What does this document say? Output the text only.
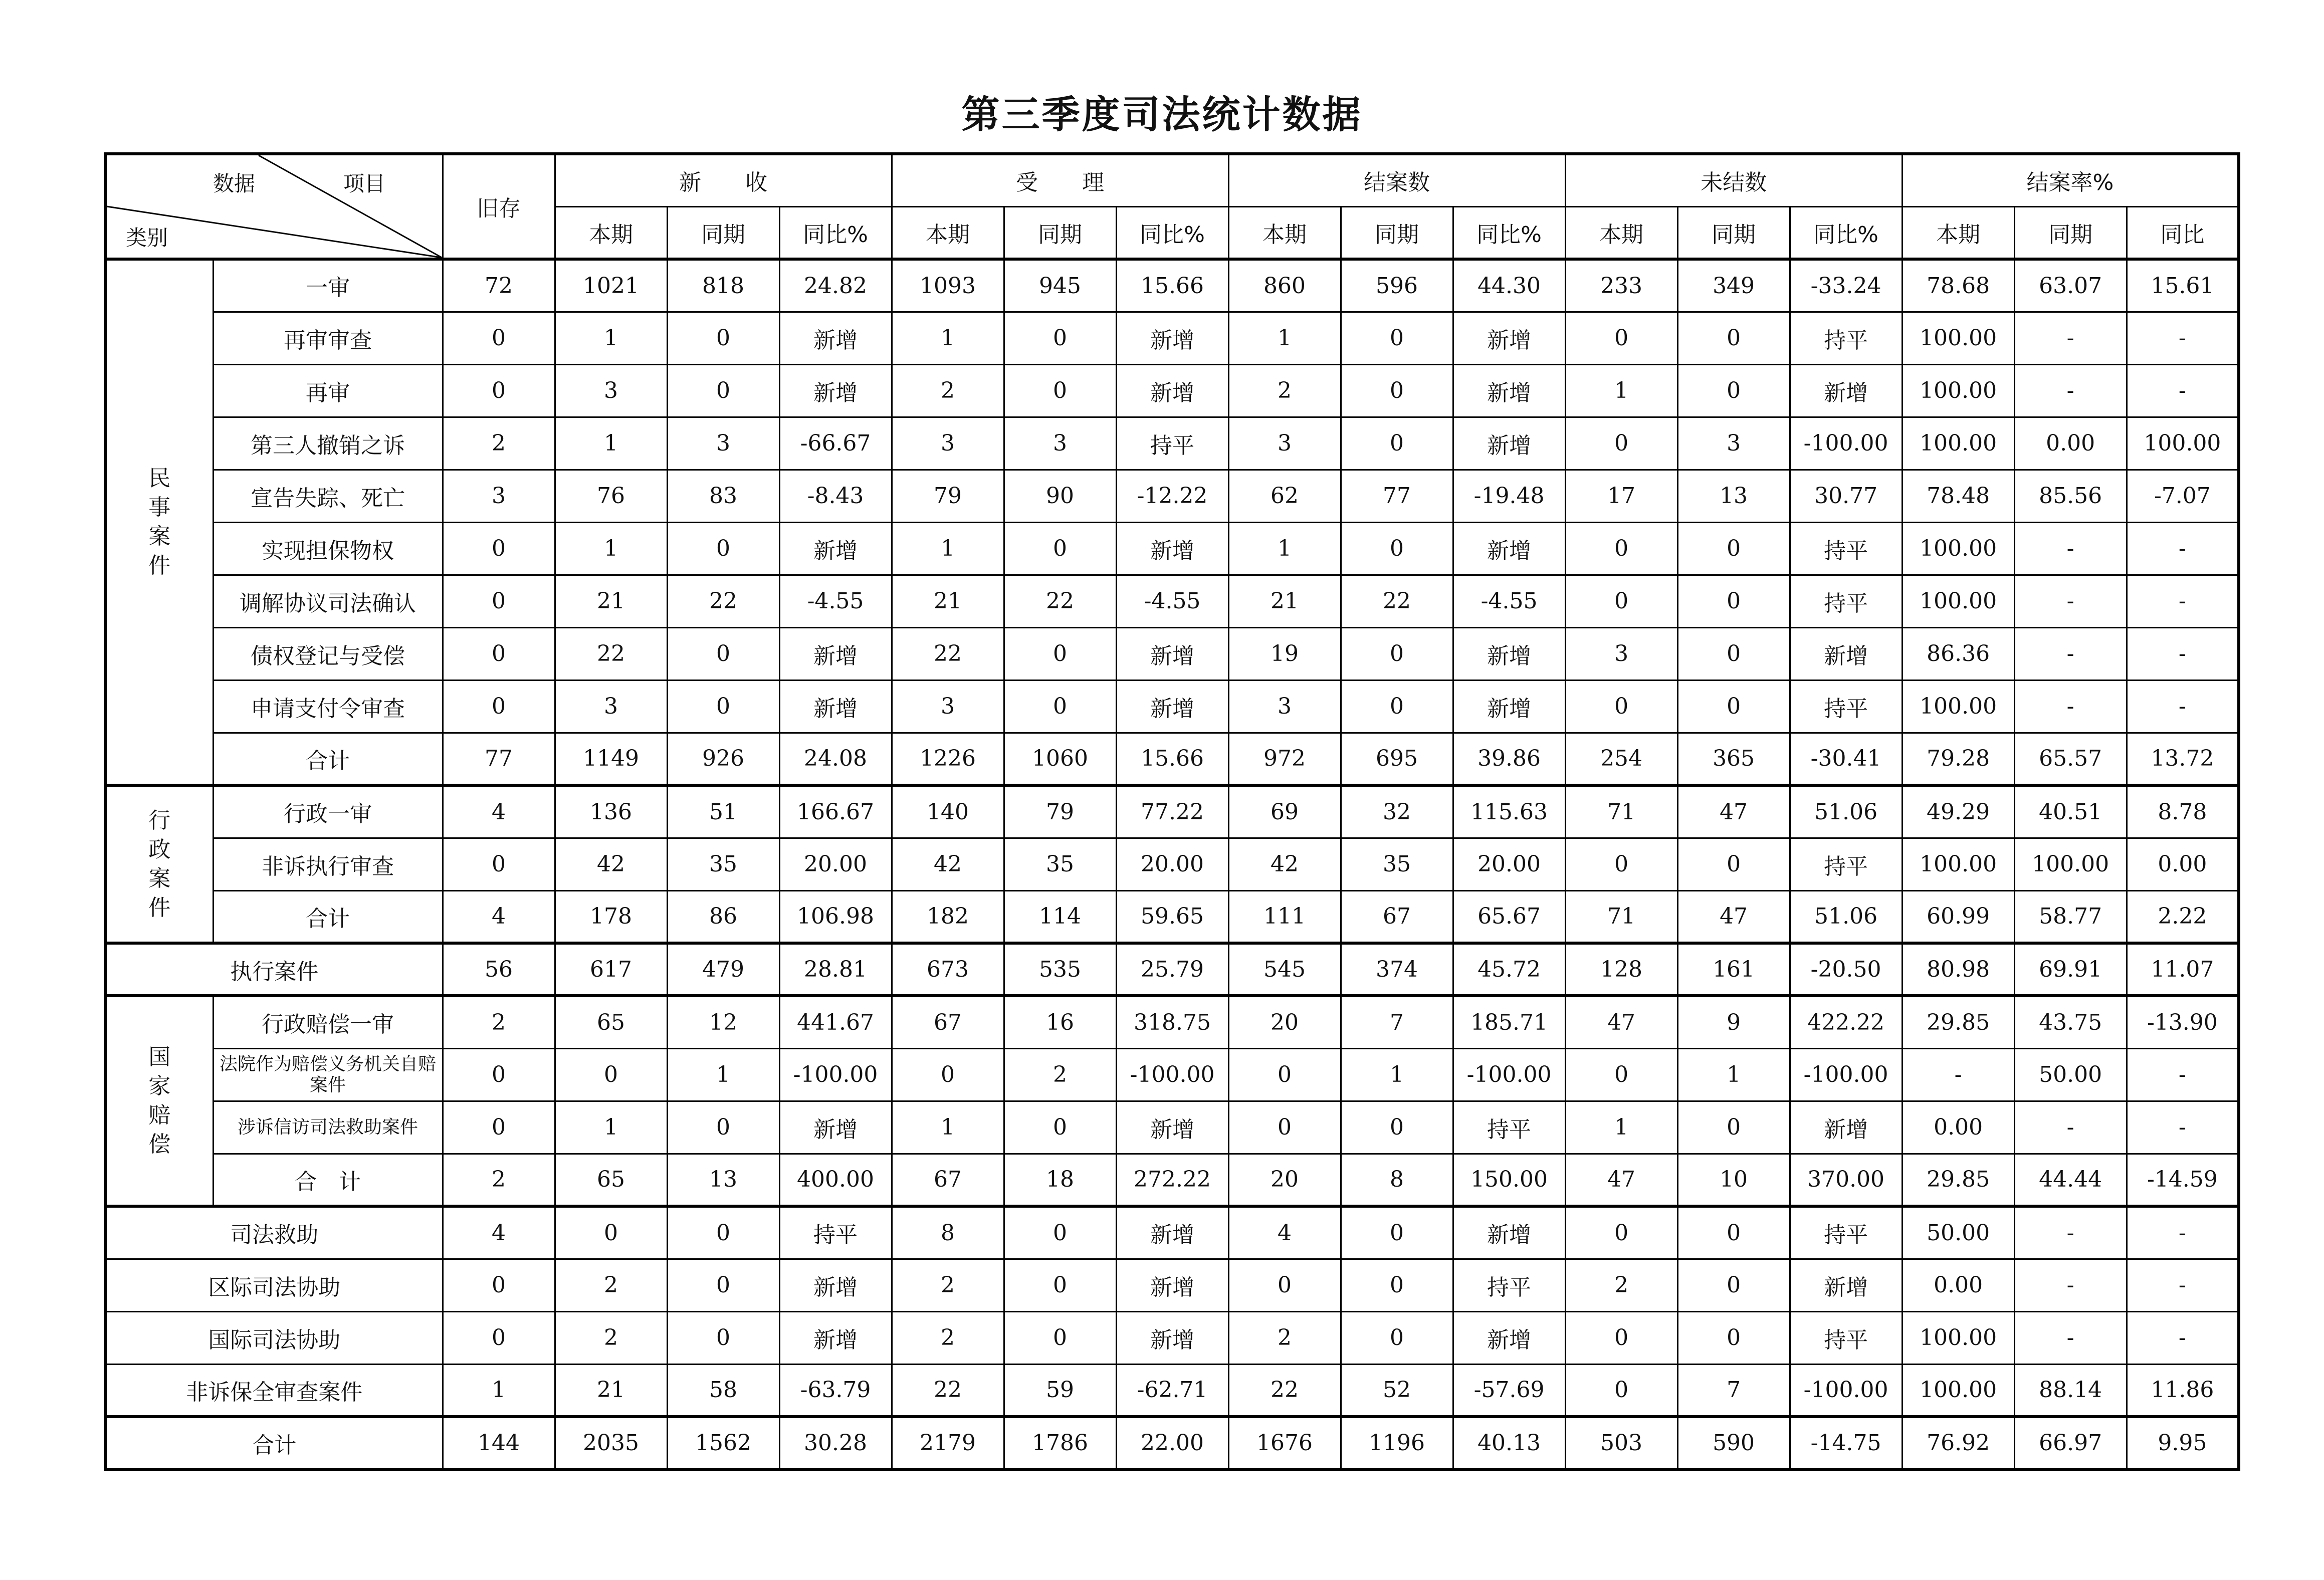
第三季度司法统计数据
数据 项目
类别		旧存	新　　收			受　　理			结案数			未结数			结案率%		
			本期	同期	同比%	本期	同期	同比%	本期	同期	同比%	本期	同期	同比%	本期	同期	同比
民
事
案
件	一审	72	1021	818	24.82	1093	945	15.66	860	596	44.30	233	349	-33.24	78.68	63.07	15.61
	再审审查	0	1	0	新增	1	0	新增	1	0	新增	0	0	持平	100.00	-	-
	再审	0	3	0	新增	2	0	新增	2	0	新增	1	0	新增	100.00	-	-
	第三人撤销之诉	2	1	3	-66.67	3	3	持平	3	0	新增	0	3	-100.00	100.00	0.00	100.00
	宣告失踪、死亡	3	76	83	-8.43	79	90	-12.22	62	77	-19.48	17	13	30.77	78.48	85.56	-7.07
	实现担保物权	0	1	0	新增	1	0	新增	1	0	新增	0	0	持平	100.00	-	-
	调解协议司法确认	0	21	22	-4.55	21	22	-4.55	21	22	-4.55	0	0	持平	100.00	-	-
	债权登记与受偿	0	22	0	新增	22	0	新增	19	0	新增	3	0	新增	86.36	-	-
	申请支付令审查	0	3	0	新增	3	0	新增	3	0	新增	0	0	持平	100.00	-	-
	合计	77	1149	926	24.08	1226	1060	15.66	972	695	39.86	254	365	-30.41	79.28	65.57	13.72
行
政
案
件	行政一审	4	136	51	166.67	140	79	77.22	69	32	115.63	71	47	51.06	49.29	40.51	8.78
	非诉执行审查	0	42	35	20.00	42	35	20.00	42	35	20.00	0	0	持平	100.00	100.00	0.00
	合计	4	178	86	106.98	182	114	59.65	111	67	65.67	71	47	51.06	60.99	58.77	2.22
执行案件		56	617	479	28.81	673	535	25.79	545	374	45.72	128	161	-20.50	80.98	69.91	11.07
国
家
赔
偿	行政赔偿一审	2	65	12	441.67	67	16	318.75	20	7	185.71	47	9	422.22	29.85	43.75	-13.90
	法院作为赔偿义务机关自赔案件	0	0	1	-100.00	0	2	-100.00	0	1	-100.00	0	1	-100.00	-	50.00	-
	涉诉信访司法救助案件	0	1	0	新增	1	0	新增	0	0	持平	1	0	新增	0.00	-	-
	合　计	2	65	13	400.00	67	18	272.22	20	8	150.00	47	10	370.00	29.85	44.44	-14.59
司法救助		4	0	0	持平	8	0	新增	4	0	新增	0	0	持平	50.00	-	-
区际司法协助		0	2	0	新增	2	0	新增	0	0	持平	2	0	新增	0.00	-	-
国际司法协助		0	2	0	新增	2	0	新增	2	0	新增	0	0	持平	100.00	-	-
非诉保全审查案件		1	21	58	-63.79	22	59	-62.71	22	52	-57.69	0	7	-100.00	100.00	88.14	11.86
合计		144	2035	1562	30.28	2179	1786	22.00	1676	1196	40.13	503	590	-14.75	76.92	66.97	9.95
